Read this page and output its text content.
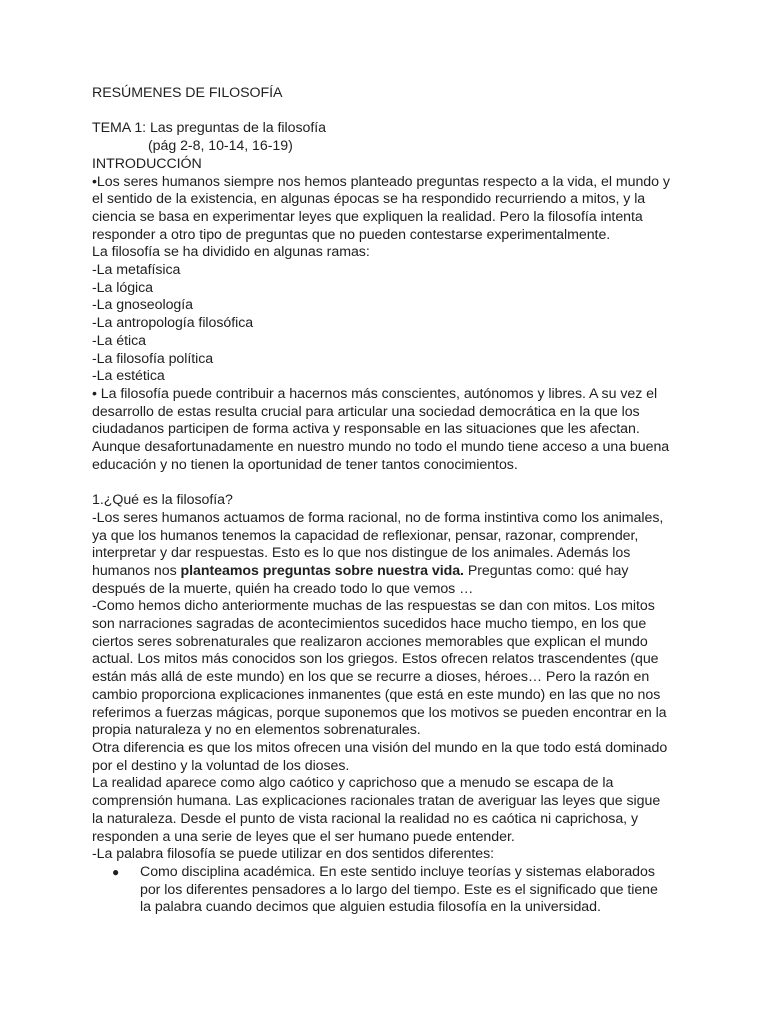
RESÚMENES DE FILOSOFÍA
TEMA 1: Las preguntas de la filosofía
(pág 2-8, 10-14, 16-19)
INTRODUCCIÓN
•Los seres humanos siempre nos hemos planteado preguntas respecto a la vida, el mundo y
el sentido de la existencia, en algunas épocas se ha respondido recurriendo a mitos, y la
ciencia se basa en experimentar leyes que expliquen la realidad. Pero la filosofía intenta
responder a otro tipo de preguntas que no pueden contestarse experimentalmente.
La filosofía se ha dividido en algunas ramas:
-La metafísica
-La lógica
-La gnoseología
-La antropología filosófica
-La ética
-La filosofía política
-La estética
• La filosofía puede contribuir a hacernos más conscientes, autónomos y libres. A su vez el
desarrollo de estas resulta crucial para articular una sociedad democrática en la que los
ciudadanos participen de forma activa y responsable en las situaciones que les afectan.
Aunque desafortunadamente en nuestro mundo no todo el mundo tiene acceso a una buena
educación y no tienen la oportunidad de tener tantos conocimientos.
1.¿Qué es la filosofía?
-Los seres humanos actuamos de forma racional, no de forma instintiva como los animales,
ya que los humanos tenemos la capacidad de reflexionar, pensar, razonar, comprender,
interpretar y dar respuestas. Esto es lo que nos distingue de los animales. Además los
humanos nos planteamos preguntas sobre nuestra vida. Preguntas como: qué hay
después de la muerte, quién ha creado todo lo que vemos …
-Como hemos dicho anteriormente muchas de las respuestas se dan con mitos. Los mitos
son narraciones sagradas de acontecimientos sucedidos hace mucho tiempo, en los que
ciertos seres sobrenaturales que realizaron acciones memorables que explican el mundo
actual. Los mitos más conocidos son los griegos. Estos ofrecen relatos trascendentes (que
están más allá de este mundo) en los que se recurre a dioses, héroes… Pero la razón en
cambio proporciona explicaciones inmanentes (que está en este mundo) en las que no nos
referimos a fuerzas mágicas, porque suponemos que los motivos se pueden encontrar en la
propia naturaleza y no en elementos sobrenaturales.
Otra diferencia es que los mitos ofrecen una visión del mundo en la que todo está dominado
por el destino y la voluntad de los dioses.
La realidad aparece como algo caótico y caprichoso que a menudo se escapa de la
comprensión humana. Las explicaciones racionales tratan de averiguar las leyes que sigue
la naturaleza. Desde el punto de vista racional la realidad no es caótica ni caprichosa, y
responden a una serie de leyes que el ser humano puede entender.
-La palabra filosofía se puede utilizar en dos sentidos diferentes:
● Como disciplina académica. En este sentido incluye teorías y sistemas elaborados
por los diferentes pensadores a lo largo del tiempo. Este es el significado que tiene
la palabra cuando decimos que alguien estudia filosofía en la universidad.
